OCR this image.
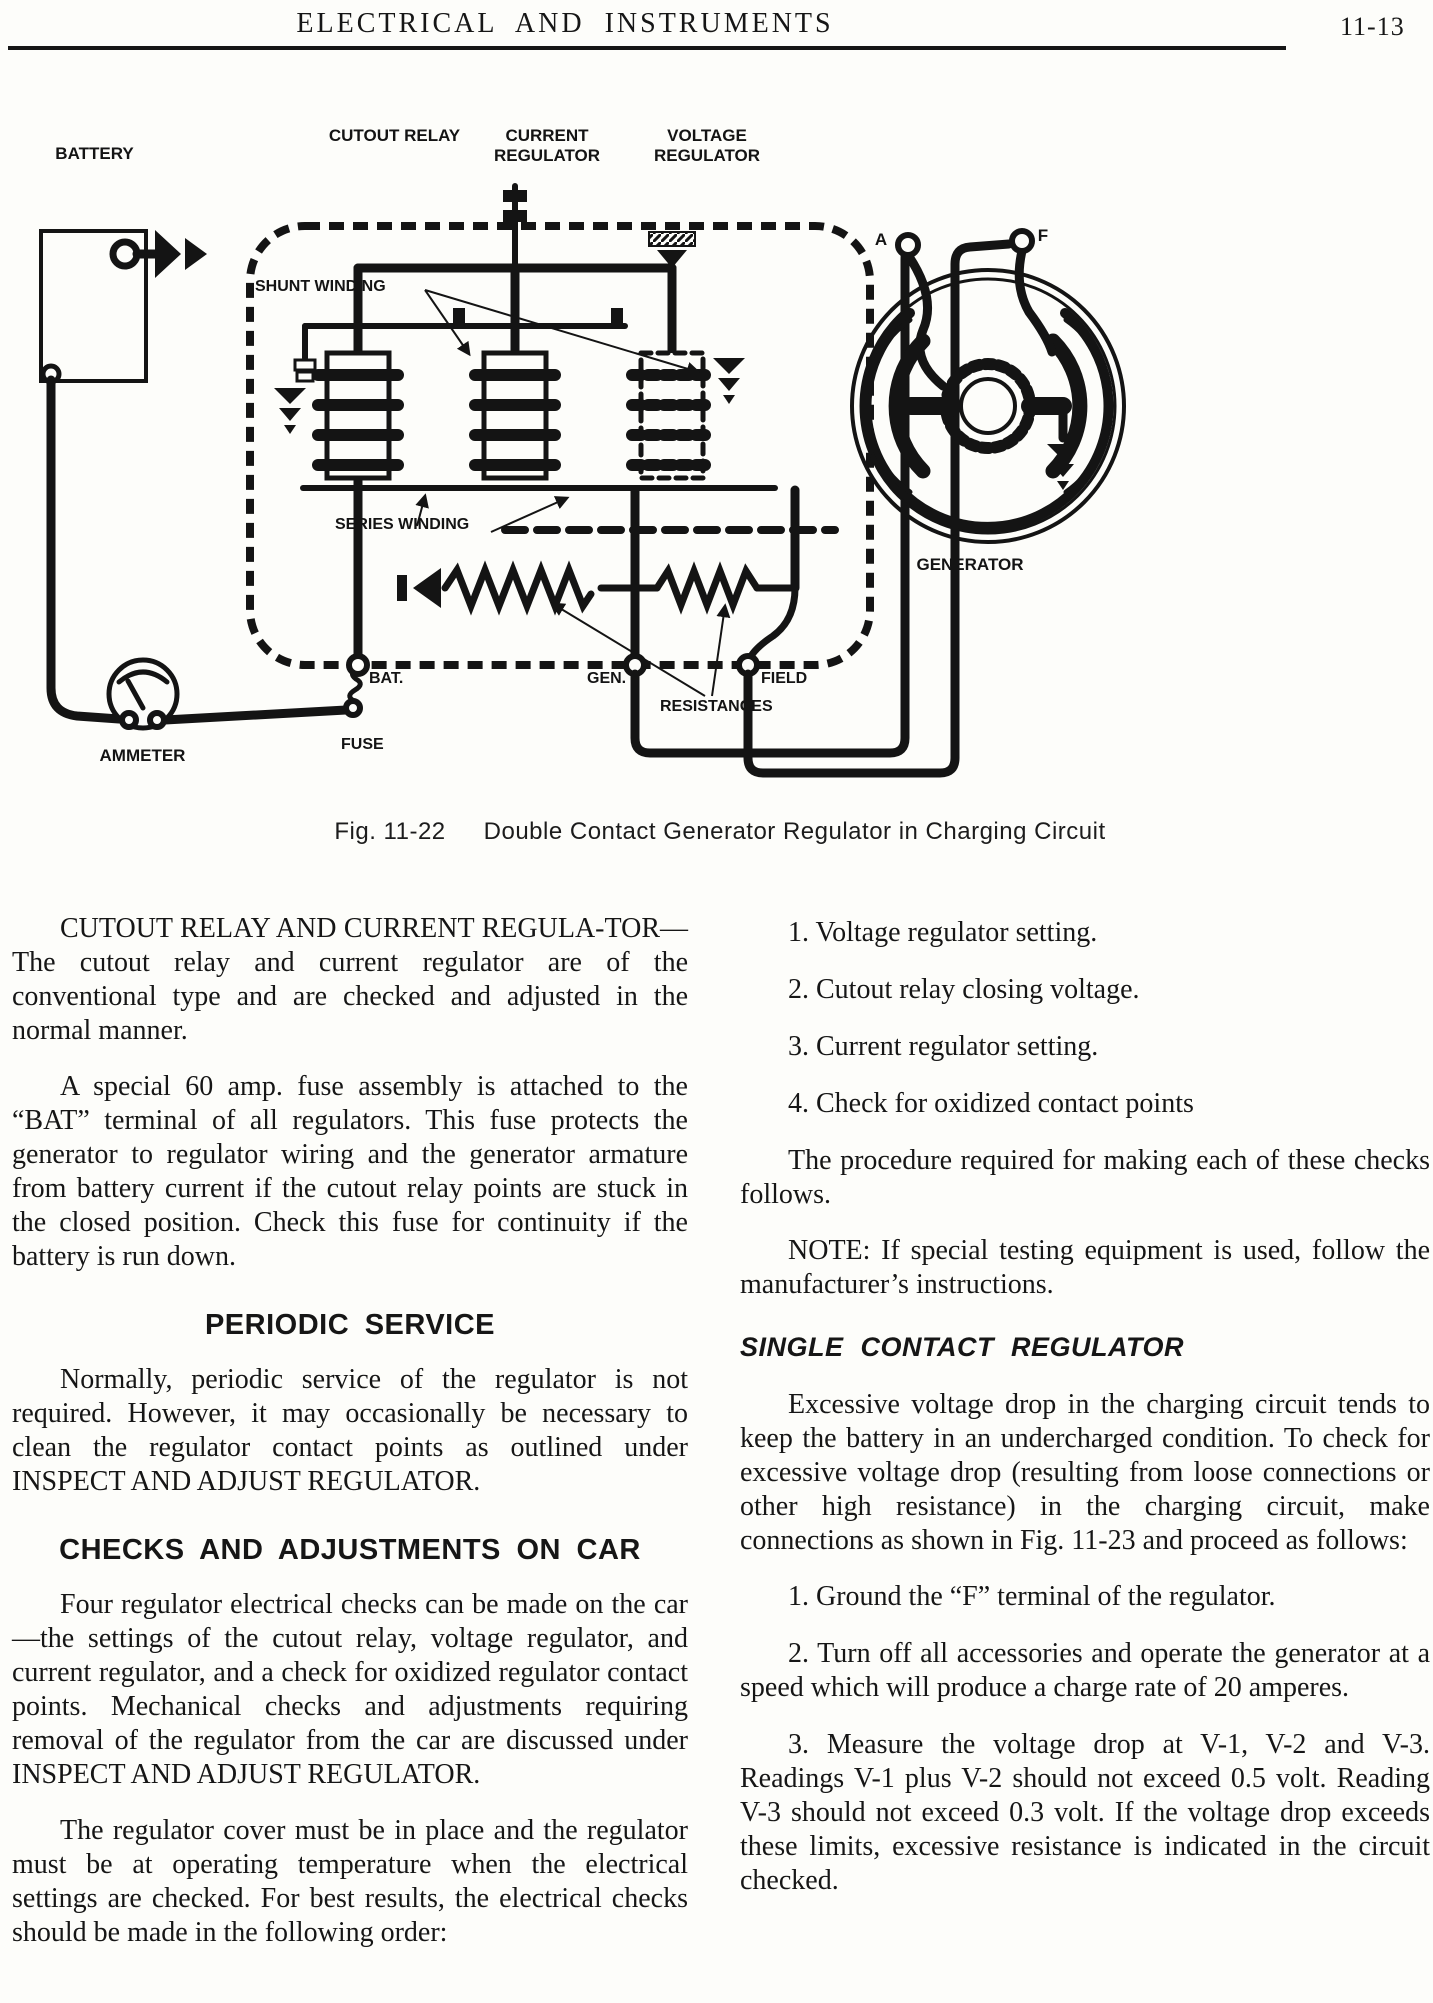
ELECTRICAL AND INSTRUMENTS	11-13
BATTERY
CUTOUT RELAY	CURRENT REGULATOR
VOLTAGE REGULATOR
SHUNT WINDING
SERIES WINDING
BAT.	GEN.	FIELD
RESISTANCES
FUSE
AMMETER
GENERATOR
A	F
Fig. 11-22 Double Contact Generator Regulator in Charging Circuit

CUTOUT RELAY AND CURRENT REGULA-TOR—The cutout relay and current regulator are of the conventional type and are checked and adjusted in the normal manner.

A special 60 amp. fuse assembly is attached to the “BAT” terminal of all regulators. This fuse protects the generator to regulator wiring and the generator armature from battery current if the cutout relay points are stuck in the closed position. Check this fuse for continuity if the battery is run down.

PERIODIC SERVICE

Normally, periodic service of the regulator is not required. However, it may occasionally be necessary to clean the regulator contact points as outlined under INSPECT AND ADJUST REGULATOR.

CHECKS AND ADJUSTMENTS ON CAR

Four regulator electrical checks can be made on the car—the settings of the cutout relay, voltage regulator, and current regulator, and a check for oxidized regulator contact points. Mechanical checks and adjustments requiring removal of the regulator from the car are discussed under INSPECT AND ADJUST REGULATOR.

The regulator cover must be in place and the regulator must be at operating temperature when the electrical settings are checked. For best results, the electrical checks should be made in the following order:

1. Voltage regulator setting.

2. Cutout relay closing voltage.

3. Current regulator setting.

4. Check for oxidized contact points

The procedure required for making each of these checks follows.

NOTE: If special testing equipment is used, follow the manufacturer’s instructions.

SINGLE CONTACT REGULATOR

Excessive voltage drop in the charging circuit tends to keep the battery in an undercharged condition. To check for excessive voltage drop (resulting from loose connections or other high resistance) in the charging circuit, make connections as shown in Fig. 11-23 and proceed as follows:

1. Ground the “F” terminal of the regulator.

2. Turn off all accessories and operate the generator at a speed which will produce a charge rate of 20 amperes.

3. Measure the voltage drop at V-1, V-2 and V-3. Readings V-1 plus V-2 should not exceed 0.5 volt. Reading V-3 should not exceed 0.3 volt. If the voltage drop exceeds these limits, excessive resistance is indicated in the circuit checked.
